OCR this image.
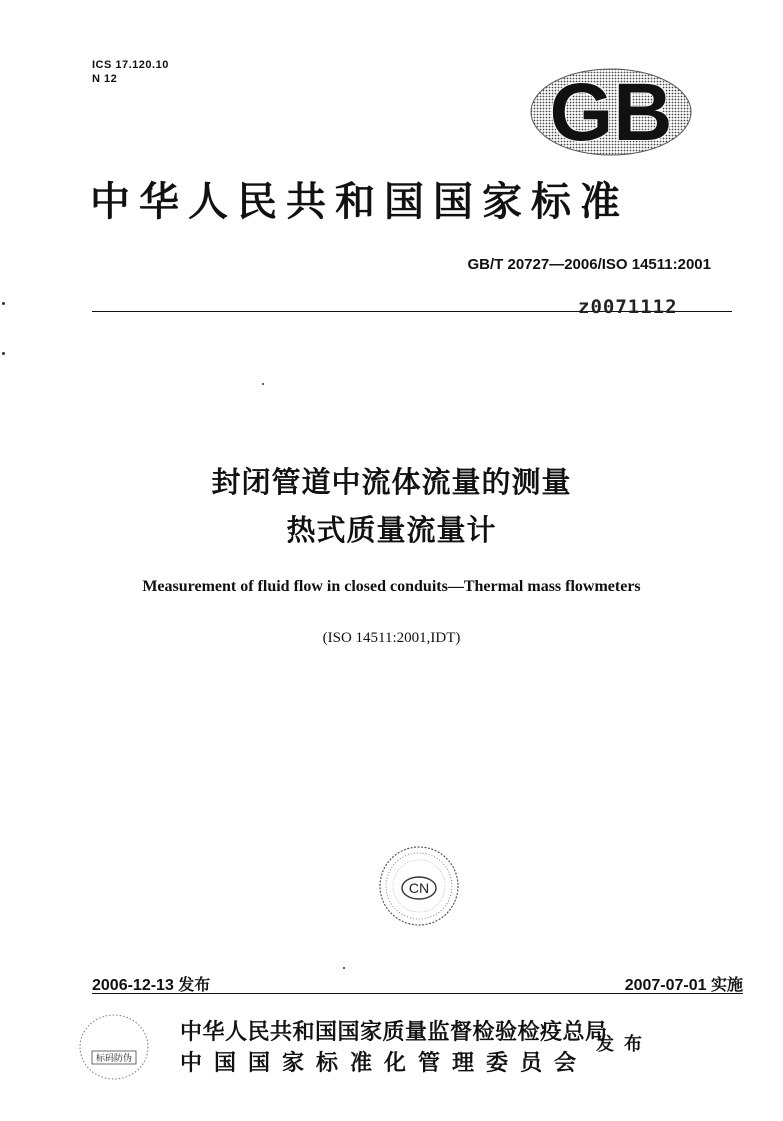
ICS 17.120.10
N 12	GB
中华人民共和国国家标准
GB/T 20727—2006/ISO 14511:2001
z0071112
封闭管道中流体流量的测量
热式质量流量计
Measurement of fluid flow in closed conduits—Thermal mass flowmeters
(ISO 14511:2001,IDT)
CN
2006-12-13 发布	2007-07-01 实施
标码防伪
中华人民共和国国家质量监督检验检疫总局
中国国家标准化管理委员会
发布
